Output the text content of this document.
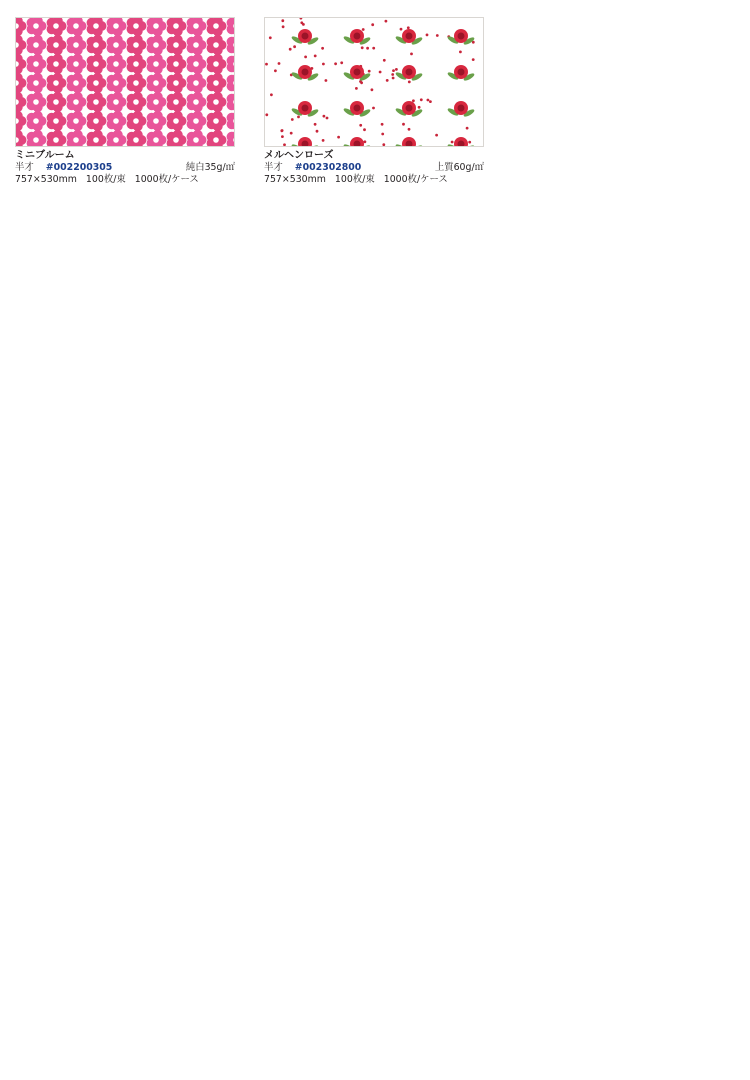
ミニブルーム
半才 #002200305	純白35g/㎡
757×530mm 100枚/束 1000枚/ケース
メルヘンローズ
半才 #002302800	上質60g/㎡
757×530mm 100枚/束 1000枚/ケース
